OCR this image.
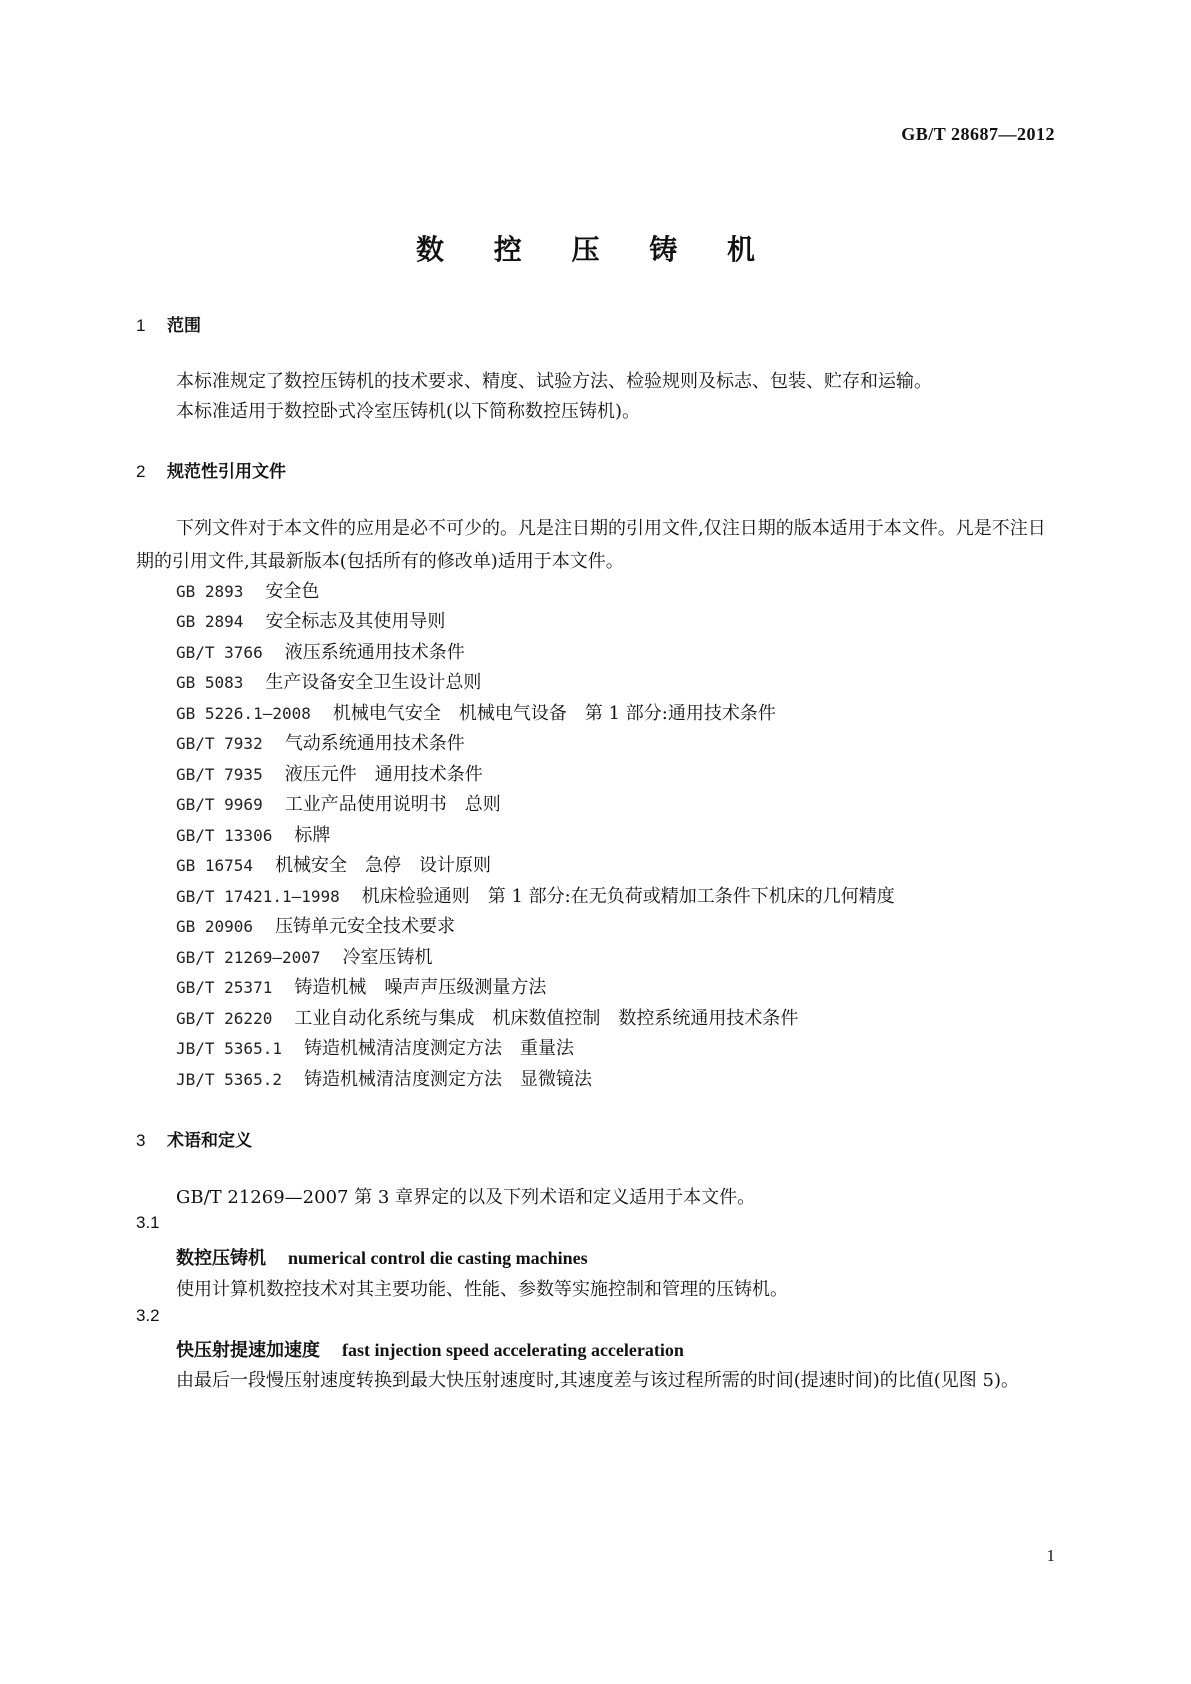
GB/T 28687—2012
数 控 压 铸 机
1 范围
本标准规定了数控压铸机的技术要求、精度、试验方法、检验规则及标志、包装、贮存和运输。
本标准适用于数控卧式冷室压铸机(以下简称数控压铸机)。
2 规范性引用文件
下列文件对于本文件的应用是必不可少的。凡是注日期的引用文件,仅注日期的版本适用于本文件。凡是不注日期的引用文件,其最新版本(包括所有的修改单)适用于本文件。
GB 2893 安全色
GB 2894 安全标志及其使用导则
GB/T 3766 液压系统通用技术条件
GB 5083 生产设备安全卫生设计总则
GB 5226.1—2008 机械电气安全　机械电气设备　第 1 部分:通用技术条件
GB/T 7932 气动系统通用技术条件
GB/T 7935 液压元件　通用技术条件
GB/T 9969 工业产品使用说明书　总则
GB/T 13306 标牌
GB 16754 机械安全　急停　设计原则
GB/T 17421.1—1998 机床检验通则　第 1 部分:在无负荷或精加工条件下机床的几何精度
GB 20906 压铸单元安全技术要求
GB/T 21269—2007 冷室压铸机
GB/T 25371 铸造机械　噪声声压级测量方法
GB/T 26220 工业自动化系统与集成　机床数值控制　数控系统通用技术条件
JB/T 5365.1 铸造机械清洁度测定方法　重量法
JB/T 5365.2 铸造机械清洁度测定方法　显微镜法
3 术语和定义
GB/T 21269—2007 第 3 章界定的以及下列术语和定义适用于本文件。
3.1
数控压铸机 numerical control die casting machines
使用计算机数控技术对其主要功能、性能、参数等实施控制和管理的压铸机。
3.2
快压射提速加速度 fast injection speed accelerating acceleration
由最后一段慢压射速度转换到最大快压射速度时,其速度差与该过程所需的时间(提速时间)的比值(见图 5)。
1
